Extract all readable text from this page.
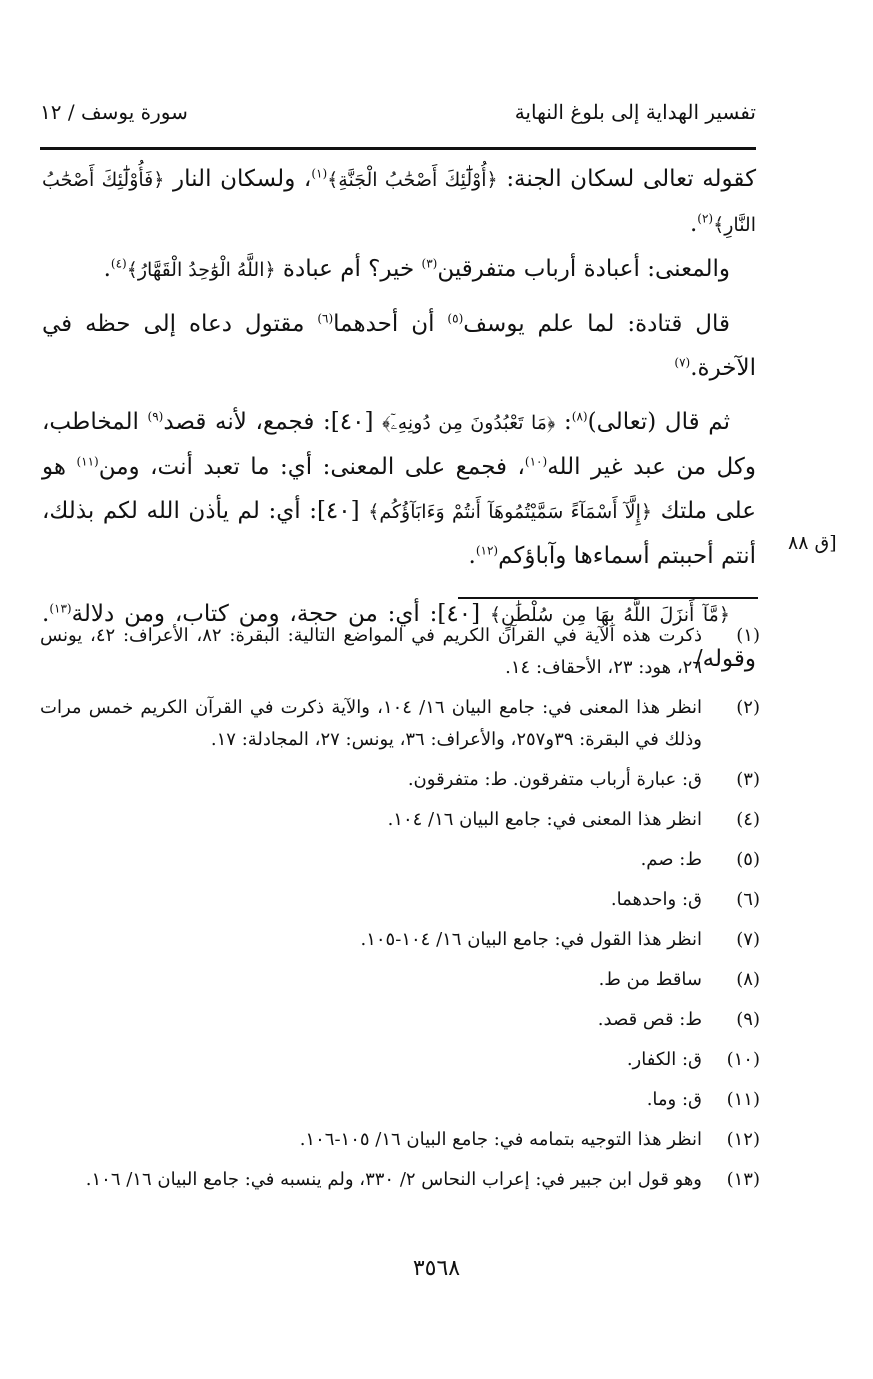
تفسير الهداية إلى بلوغ النهاية
سورة يوسف / ١٢

كقوله تعالى لسكان الجنة: ﴿أُوْلَٰٓئِكَ أَصْحَٰبُ الْجَنَّةِ﴾$^{(١)}$، ولسكان النار ﴿فَأُوْلَٰٓئِكَ أَصْحَٰبُ النَّارِ﴾$^{(٢)}$.

والمعنى: أعبادة أرباب متفرقين$^{(٣)}$ خير؟ أم عبادة ﴿اللَّهُ الْوَٰحِدُ الْقَهَّارُ﴾$^{(٤)}$.

قال قتادة: لما علم يوسف$^{(٥)}$ أن أحدهما$^{(٦)}$ مقتول دعاه إلى حظه في الآخرة.$^{(٧)}$

ثم قال (تعالى)$^{(٨)}$: ﴿مَا تَعْبُدُونَ مِن دُونِهِۦٓ﴾ [٤٠]: فجمع، لأنه قصد$^{(٩)}$ المخاطب، وكل من عبد غير الله$^{(١٠)}$، فجمع على المعنى: أي: ما تعبد أنت، ومن$^{(١١)}$ هو على ملتك ﴿إِلَّآ أَسْمَآءً سَمَّيْتُمُوهَآ أَنتُمْ وَءَابَآؤُكُم﴾ [٤٠]: أي: لم يأذن الله لكم بذلك، أنتم أحببتم أسماءها وآباؤكم$^{(١٢)}$.

﴿مَّآ أَنزَلَ اللَّهُ بِهَا مِن سُلْطَٰنٍ﴾ [٤٠]: أي: من حجة، ومن كتاب، ومن دلالة$^{(١٣)}$. وقوله/

[ق ٨٨
(١)
ذكرت هذه الآية في القرآن الكريم في المواضع التالية: البقرة: ٨٢، الأعراف: ٤٢، يونس ٢٦، هود: ٢٣، الأحقاف: ١٤.
(٢)
انظر هذا المعنى في: جامع البيان ١٦/ ١٠٤، والآية ذكرت في القرآن الكريم خمس مرات وذلك في البقرة: ٣٩و٢٥٧، والأعراف: ٣٦، يونس: ٢٧، المجادلة: ١٧.
(٣)
ق: عبارة أرباب متفرقون. ط: متفرقون.
(٤)
انظر هذا المعنى في: جامع البيان ١٦/ ١٠٤.
(٥)
ط: صم.
(٦)
ق: واحدهما.
(٧)
انظر هذا القول في: جامع البيان ١٦/ ١٠٤-١٠٥.
(٨)
ساقط من ط.
(٩)
ط: قص قصد.
(١٠)
ق: الكفار.
(١١)
ق: وما.
(١٢)
انظر هذا التوجيه بتمامه في: جامع البيان ١٦/ ١٠٥-١٠٦.
(١٣)
وهو قول ابن جبير في: إعراب النحاس ٢/ ٣٣٠، ولم ينسبه في: جامع البيان ١٦/ ١٠٦.
٣٥٦٨
